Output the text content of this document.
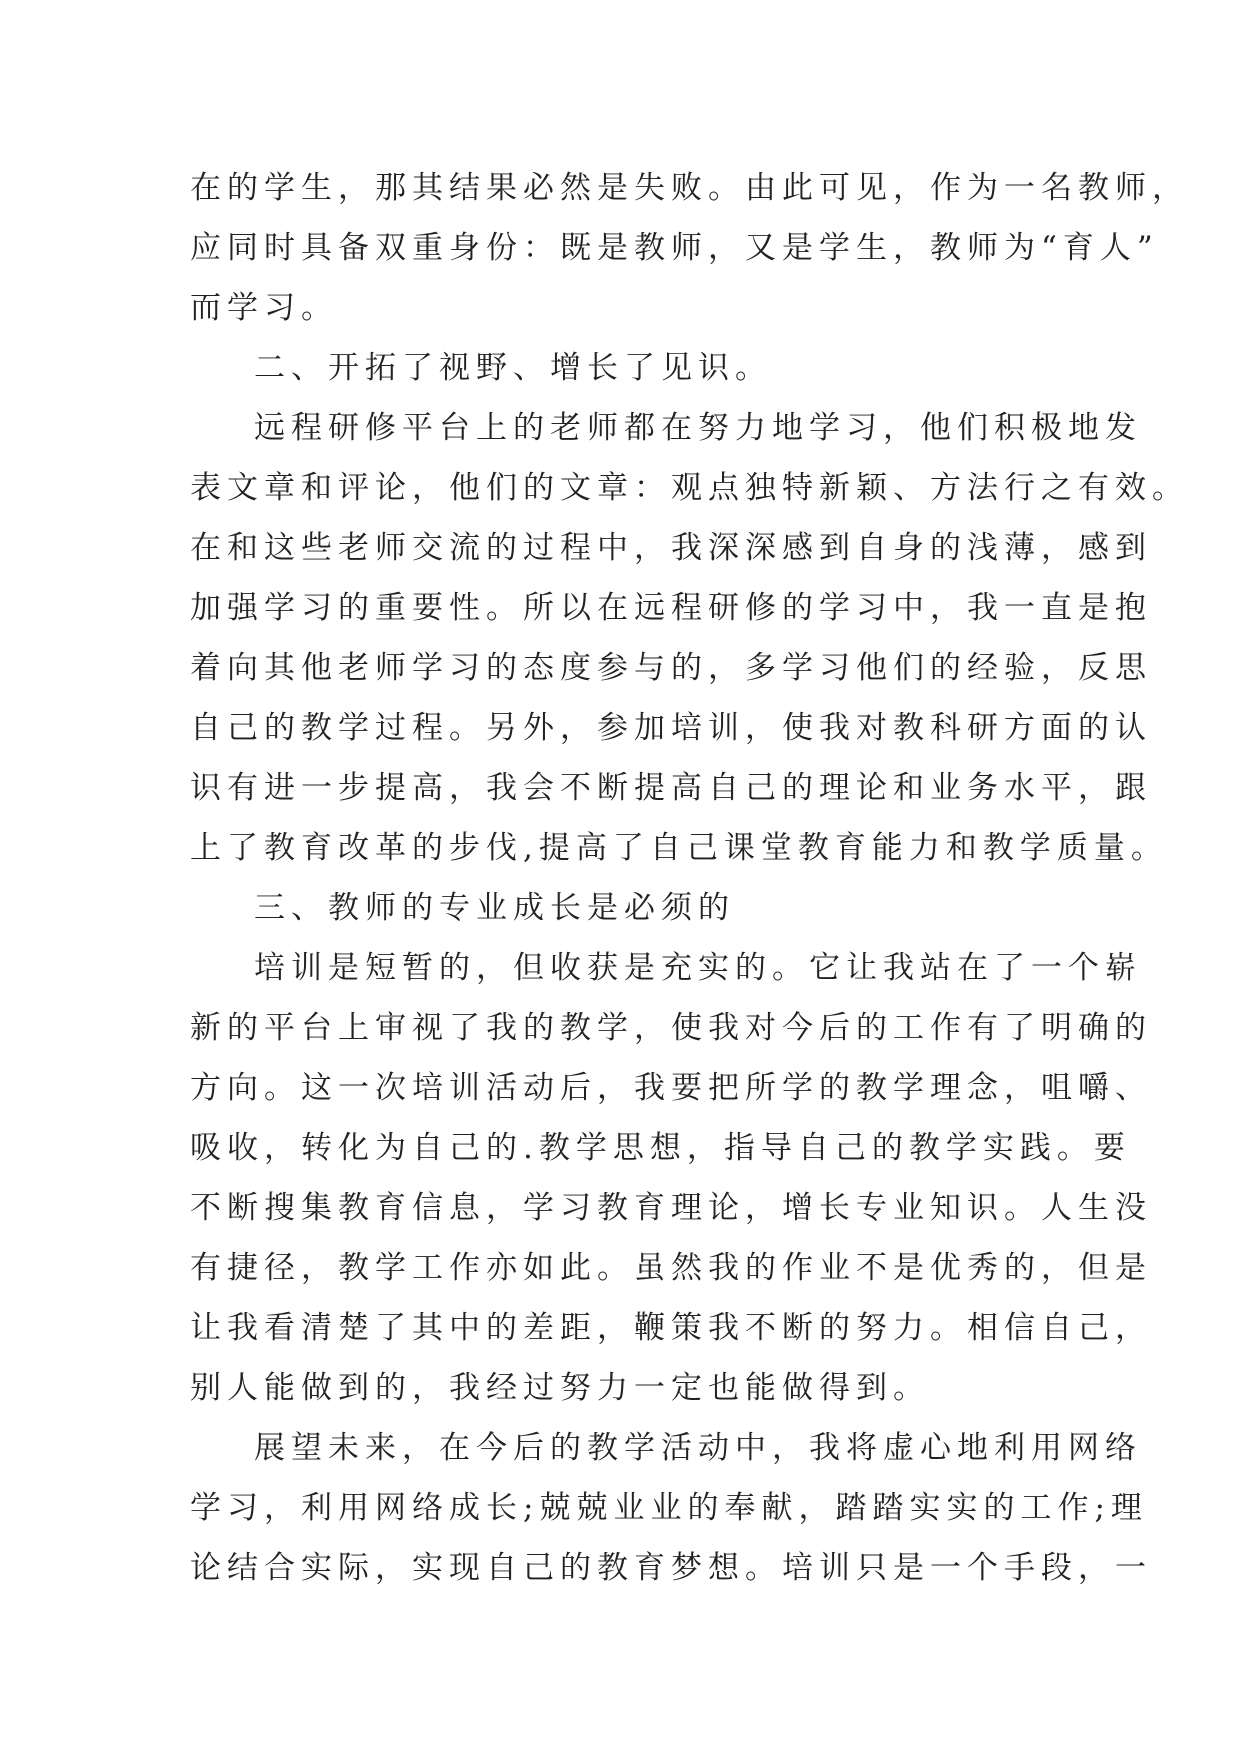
在的学生，那其结果必然是失败。由此可见，作为一名教师，
应同时具备双重身份：既是教师，又是学生，教师为“育人”
而学习。
二、开拓了视野、增长了见识。
远程研修平台上的老师都在努力地学习，他们积极地发
表文章和评论，他们的文章：观点独特新颖、方法行之有效。
在和这些老师交流的过程中，我深深感到自身的浅薄，感到
加强学习的重要性。所以在远程研修的学习中，我一直是抱
着向其他老师学习的态度参与的，多学习他们的经验，反思
自己的教学过程。另外，参加培训，使我对教科研方面的认
识有进一步提高，我会不断提高自己的理论和业务水平，跟
上了教育改革的步伐,提高了自己课堂教育能力和教学质量。
三、教师的专业成长是必须的
培训是短暂的，但收获是充实的。它让我站在了一个崭
新的平台上审视了我的教学，使我对今后的工作有了明确的
方向。这一次培训活动后，我要把所学的教学理念，咀嚼、
吸收，转化为自己的.教学思想，指导自己的教学实践。要
不断搜集教育信息，学习教育理论，增长专业知识。人生没
有捷径，教学工作亦如此。虽然我的作业不是优秀的，但是
让我看清楚了其中的差距，鞭策我不断的努力。相信自己，
别人能做到的，我经过努力一定也能做得到。
展望未来，在今后的教学活动中，我将虚心地利用网络
学习，利用网络成长;兢兢业业的奉献，踏踏实实的工作;理
论结合实际，实现自己的教育梦想。培训只是一个手段，一
